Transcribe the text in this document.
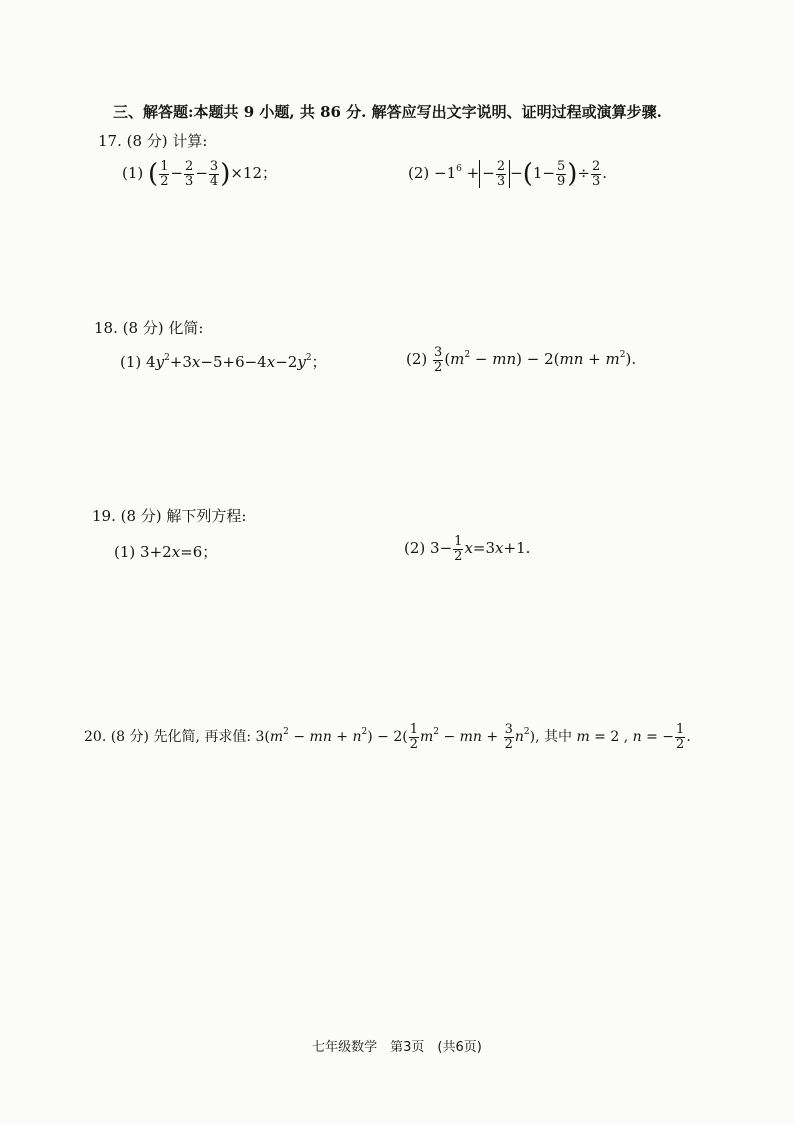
三、解答题:本题共 9 小题, 共 86 分. 解答应写出文字说明、证明过程或演算步骤.
17. (8 分) 计算:
(1) ( $\frac{1}{2} - \frac{2}{3} - \frac{3}{4} )\times 12$；	$(2) -1^6$ + − $\frac{2}{3} -(1- \frac{5}{9}$ )÷ $\frac{2}{3}$ .
18. (8 分) 化简:
(1) $4y^2+3x-5+6-4x-2y^2$；	$(2) \frac{3}{2} (m^2 - mn) - 2(mn + m^2)$.
19. (8 分) 解下列方程:
(1) 3+2x=6；	(2) $3- \frac{1}{2} x=3x+1$.
20. (8 分) 先化简, 再求值: $3(m^2$ − mn + $n^2) - 2( \frac{1}{2} m^2$ − mn + $\frac{3}{2} n^2$), 其中 m = 2 , n = − $\frac{1}{2}$ .
七年级数学　第3页　(共6页)
